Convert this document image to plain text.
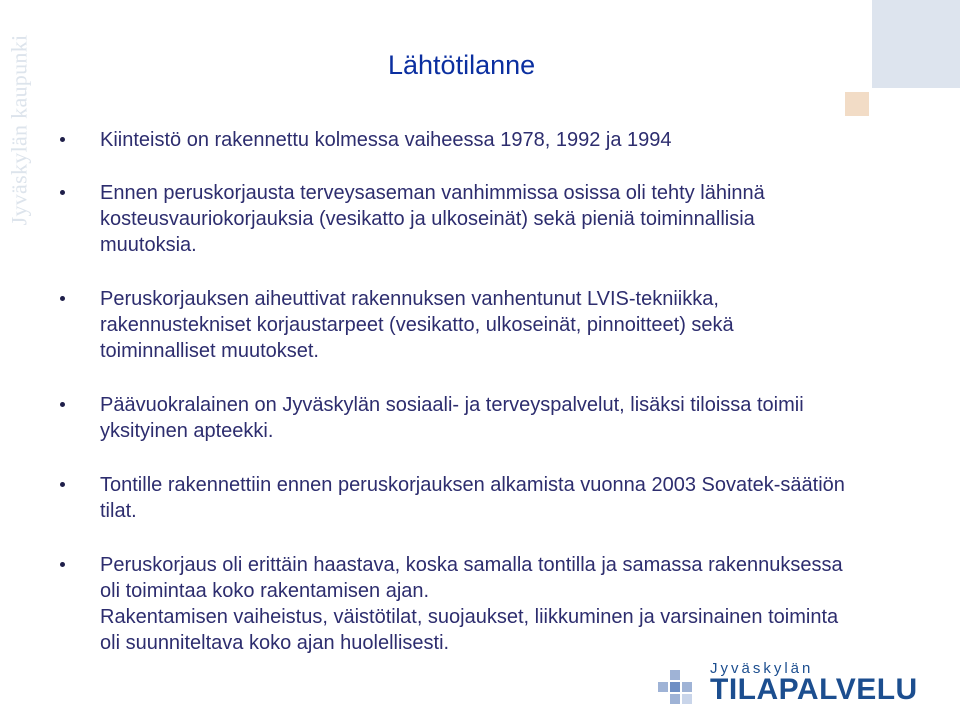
Jyväskylän kaupunki	Lähtötilanne
Kiinteistö on rakennettu kolmessa vaiheessa 1978, 1992 ja 1994
Ennen peruskorjausta terveysaseman vanhimmissa osissa oli tehty lähinnä kosteusvauriokorjauksia (vesikatto ja ulkoseinät) sekä pieniä toiminnallisia muutoksia.
Peruskorjauksen aiheuttivat rakennuksen vanhentunut LVIS-tekniikka, rakennustekniset korjaustarpeet (vesikatto, ulkoseinät, pinnoitteet) sekä toiminnalliset muutokset.
Päävuokralainen on Jyväskylän sosiaali- ja terveyspalvelut, lisäksi tiloissa toimii yksityinen apteekki.
Tontille rakennettiin ennen peruskorjauksen alkamista vuonna 2003 Sovatek-säätiön tilat.
Peruskorjaus oli erittäin haastava, koska samalla tontilla ja samassa rakennuksessa oli toimintaa koko rakentamisen ajan.
Rakentamisen vaiheistus, väistötilat, suojaukset, liikkuminen ja varsinainen toiminta oli suunniteltava koko ajan huolellisesti.
Jyväskylän
TILAPALVELU
